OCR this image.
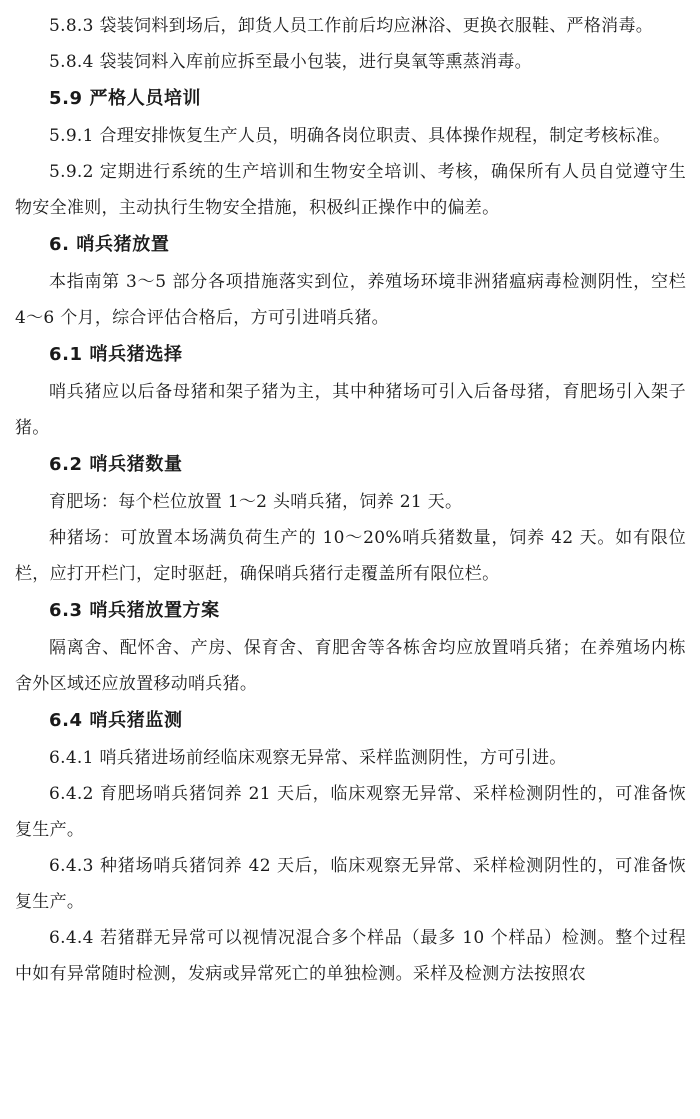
5.8.3 袋装饲料到场后，卸货人员工作前后均应淋浴、更换衣服鞋、严格消毒。

5.8.4 袋装饲料入库前应拆至最小包装，进行臭氧等熏蒸消毒。

5.9 严格人员培训

5.9.1 合理安排恢复生产人员，明确各岗位职责、具体操作规程，制定考核标准。

5.9.2 定期进行系统的生产培训和生物安全培训、考核，确保所有人员自觉遵守生物安全准则，主动执行生物安全措施，积极纠正操作中的偏差。

6. 哨兵猪放置

本指南第 3～5 部分各项措施落实到位，养殖场环境非洲猪瘟病毒检测阴性，空栏 4～6 个月，综合评估合格后，方可引进哨兵猪。

6.1 哨兵猪选择

哨兵猪应以后备母猪和架子猪为主，其中种猪场可引入后备母猪，育肥场引入架子猪。

6.2 哨兵猪数量

育肥场：每个栏位放置 1～2 头哨兵猪，饲养 21 天。

种猪场：可放置本场满负荷生产的 10～20%哨兵猪数量，饲养 42 天。如有限位栏，应打开栏门，定时驱赶，确保哨兵猪行走覆盖所有限位栏。

6.3 哨兵猪放置方案

隔离舍、配怀舍、产房、保育舍、育肥舍等各栋舍均应放置哨兵猪；在养殖场内栋舍外区域还应放置移动哨兵猪。

6.4 哨兵猪监测

6.4.1 哨兵猪进场前经临床观察无异常、采样监测阴性，方可引进。

6.4.2 育肥场哨兵猪饲养 21 天后，临床观察无异常、采样检测阴性的，可准备恢复生产。

6.4.3 种猪场哨兵猪饲养 42 天后，临床观察无异常、采样检测阴性的，可准备恢复生产。

6.4.4 若猪群无异常可以视情况混合多个样品（最多 10 个样品）检测。整个过程中如有异常随时检测，发病或异常死亡的单独检测。采样及检测方法按照农
